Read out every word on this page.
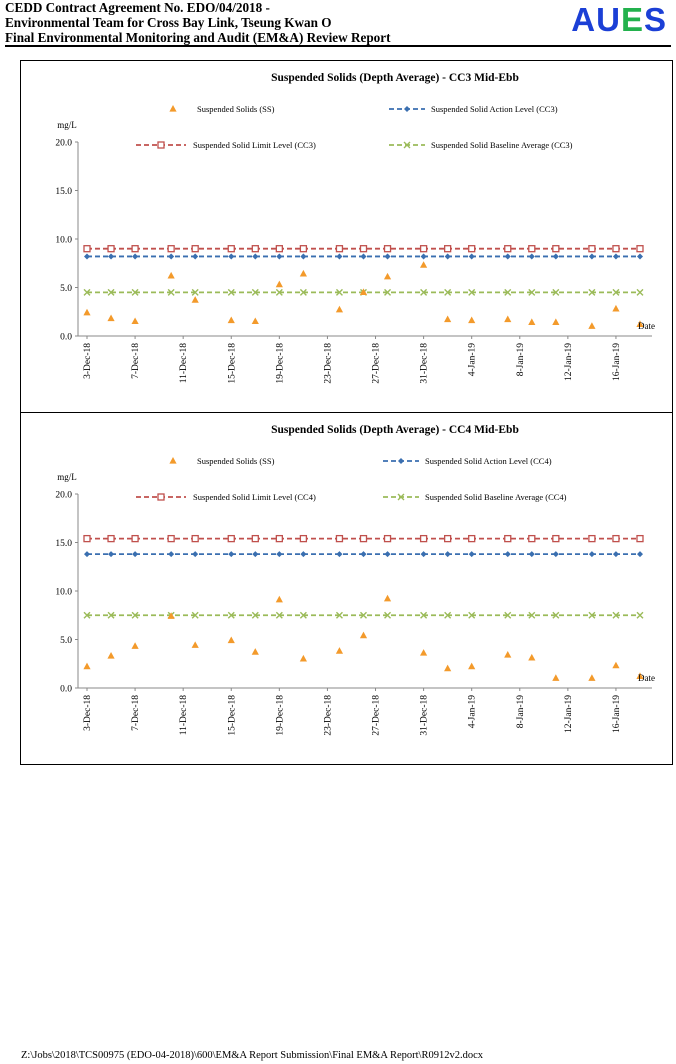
CEDD Contract Agreement No. EDO/04/2018 -
Environmental Team for Cross Bay Link, Tseung Kwan O
Final Environmental Monitoring and Audit (EM&A) Review Report	AUES
Suspended Solids (Depth Average) - CC3 Mid-Ebb
Suspended Solids (SS)	Suspended Solid Action Level (CC3)
Suspended Solid Limit Level (CC3)	Suspended Solid Baseline Average (CC3)
mg/L
0.0
5.0
10.0
15.0
20.0
3-Dec-18	7-Dec-18	11-Dec-18	15-Dec-18	19-Dec-18	23-Dec-18	27-Dec-18	31-Dec-18	4-Jan-19	8-Jan-19	12-Jan-19	16-Jan-19
Date
Suspended Solids (Depth Average) - CC4 Mid-Ebb
Suspended Solids (SS)	Suspended Solid Action Level (CC4)
Suspended Solid Limit Level (CC4)	Suspended Solid Baseline Average (CC4)
mg/L
0.0
5.0
10.0
15.0
20.0
3-Dec-18	7-Dec-18	11-Dec-18	15-Dec-18	19-Dec-18	23-Dec-18	27-Dec-18	31-Dec-18	4-Jan-19	8-Jan-19	12-Jan-19	16-Jan-19
Date
Z:\Jobs\2018\TCS00975 (EDO-04-2018)\600\EM&A Report Submission\Final EM&A Report\R0912v2.docx
